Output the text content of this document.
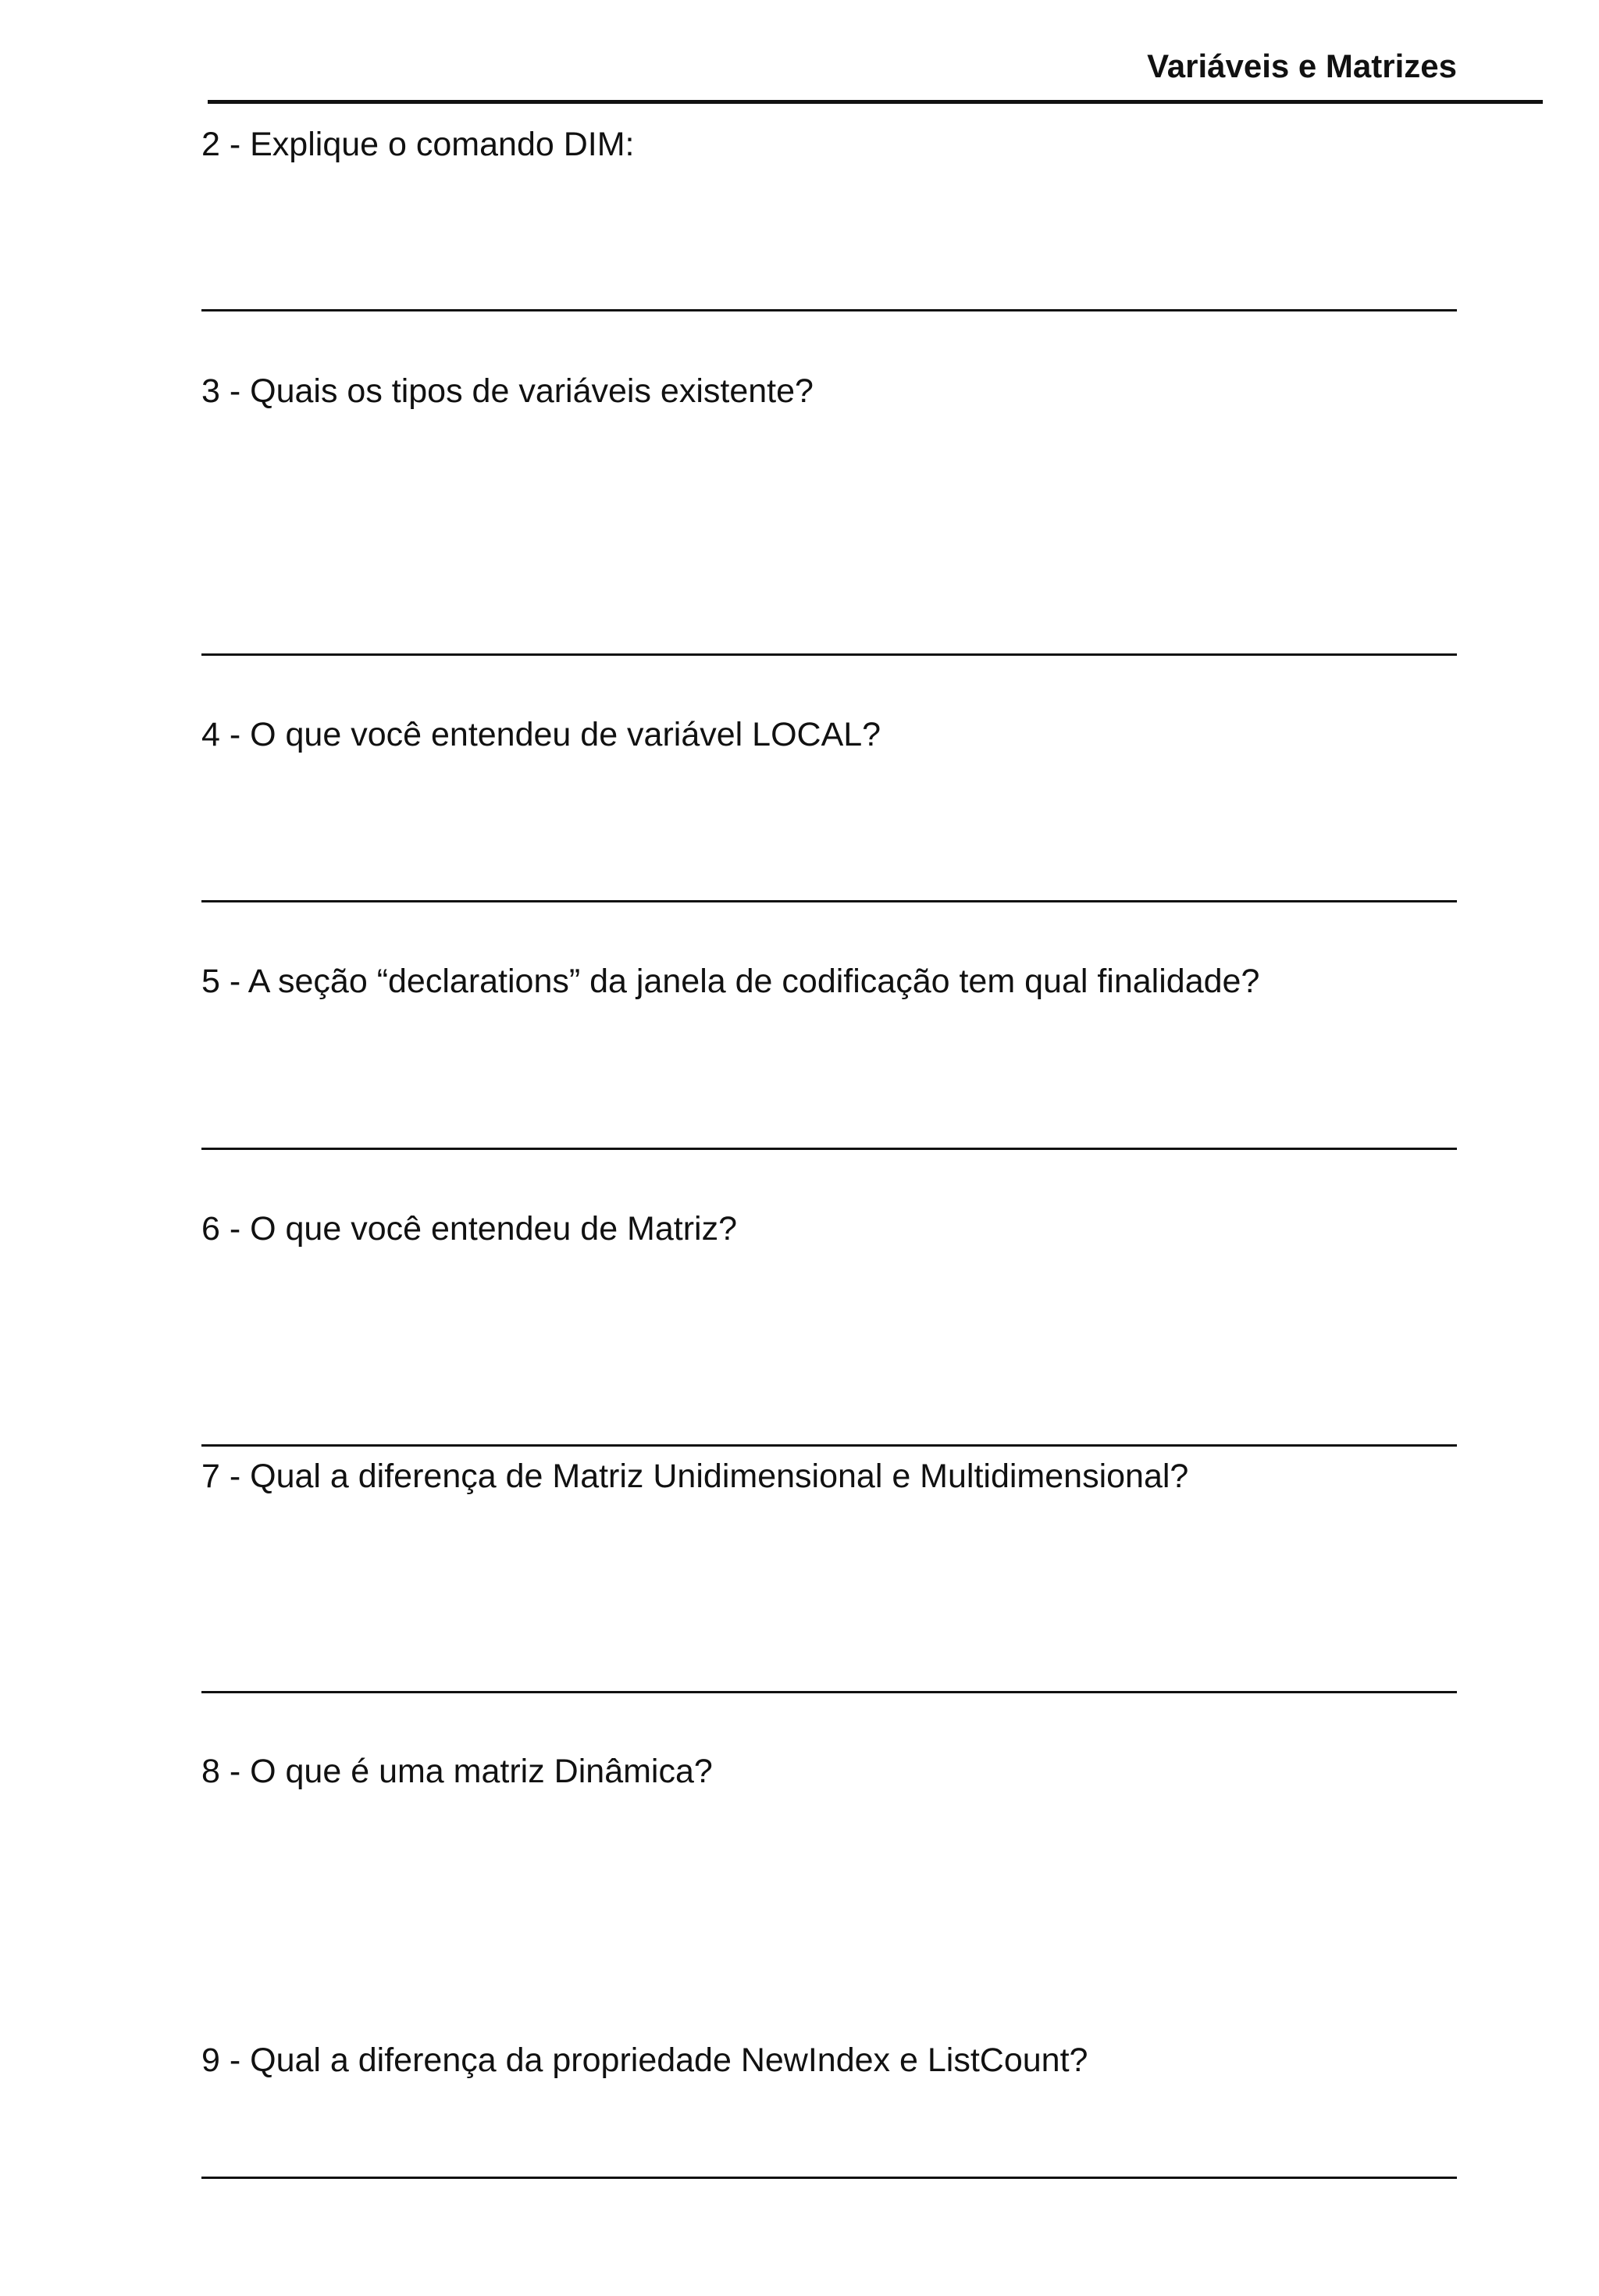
Variáveis e Matrizes
2 - Explique o comando DIM:
3 - Quais os tipos de variáveis existente?
4 - O que você entendeu de variável LOCAL?
5 - A seção “declarations” da janela de codificação tem qual finalidade?
6 - O que você entendeu de Matriz?
7 - Qual a diferença de Matriz Unidimensional e Multidimensional?
8 - O que é uma matriz Dinâmica?
9 - Qual a diferença da propriedade NewIndex e ListCount?
